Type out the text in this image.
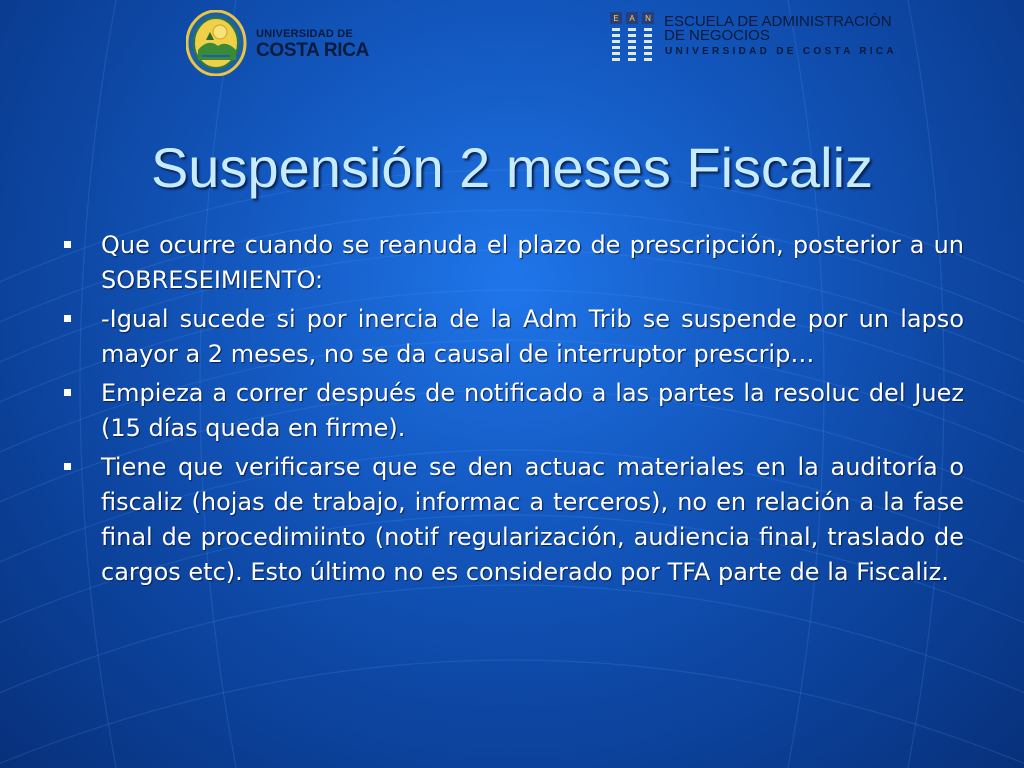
UNIVERSIDAD DE
COSTA RICA
E A N ESCUELA DE ADMINISTRACIÓN
DE NEGOCIOS
UNIVERSIDAD DE COSTA RICA
Suspensión 2 meses Fiscaliz
Que ocurre cuando se reanuda el plazo de prescripción, posterior a un SOBRESEIMIENTO:
-Igual sucede si por inercia de la Adm Trib se suspende por un lapso mayor a 2 meses, no se da causal de interruptor prescrip…
Empieza a correr después de notificado a las partes la resoluc del Juez (15 días queda en firme).
Tiene que verificarse que se den actuac materiales en la auditoría o fiscaliz (hojas de trabajo, informac a terceros), no en relación a la fase final de procedimiinto (notif regularización, audiencia final, traslado de cargos etc). Esto último no es considerado por TFA parte de la Fiscaliz.
